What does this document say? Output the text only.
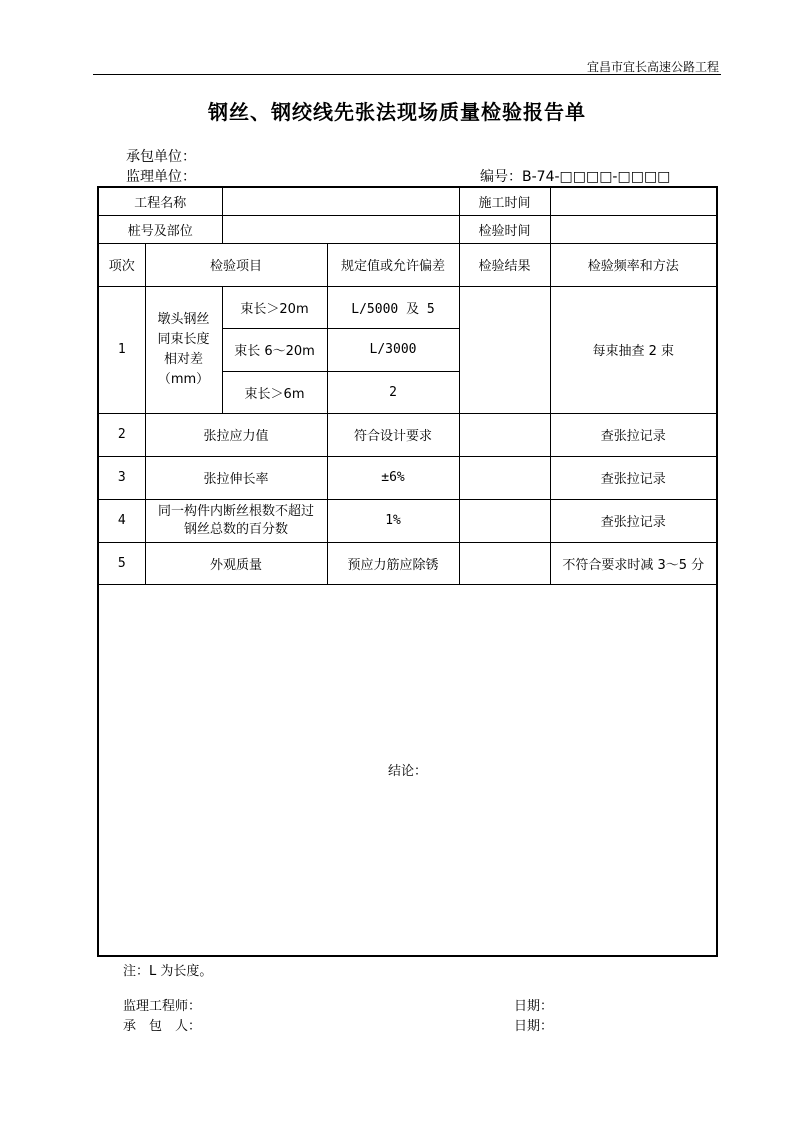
宜昌市宜长高速公路工程
钢丝、钢绞线先张法现场质量检验报告单
承包单位：
监理单位：	编号：B-74-□□□□-□□□□
工程名称				施工时间	
桩号及部位				检验时间	
项次	检验项目		规定值或允许偏差	检验结果	检验频率和方法
1	墩头钢丝同束长度相对差（mm）	束长＞20m	L/5000 及 5		每束抽查 2 束
		束长 6～20m	L/3000		
		束长＞6m	2		
2	张拉应力值		符合设计要求		查张拉记录
3	张拉伸长率		±6%		查张拉记录
4	同一构件内断丝根数不超过钢丝总数的百分数		1%		查张拉记录
5	外观质量		预应力筋应除锈		不符合要求时减 3～5 分
结论：					
注：L 为长度。
监理工程师：
承　包　人：
日期：
日期：
